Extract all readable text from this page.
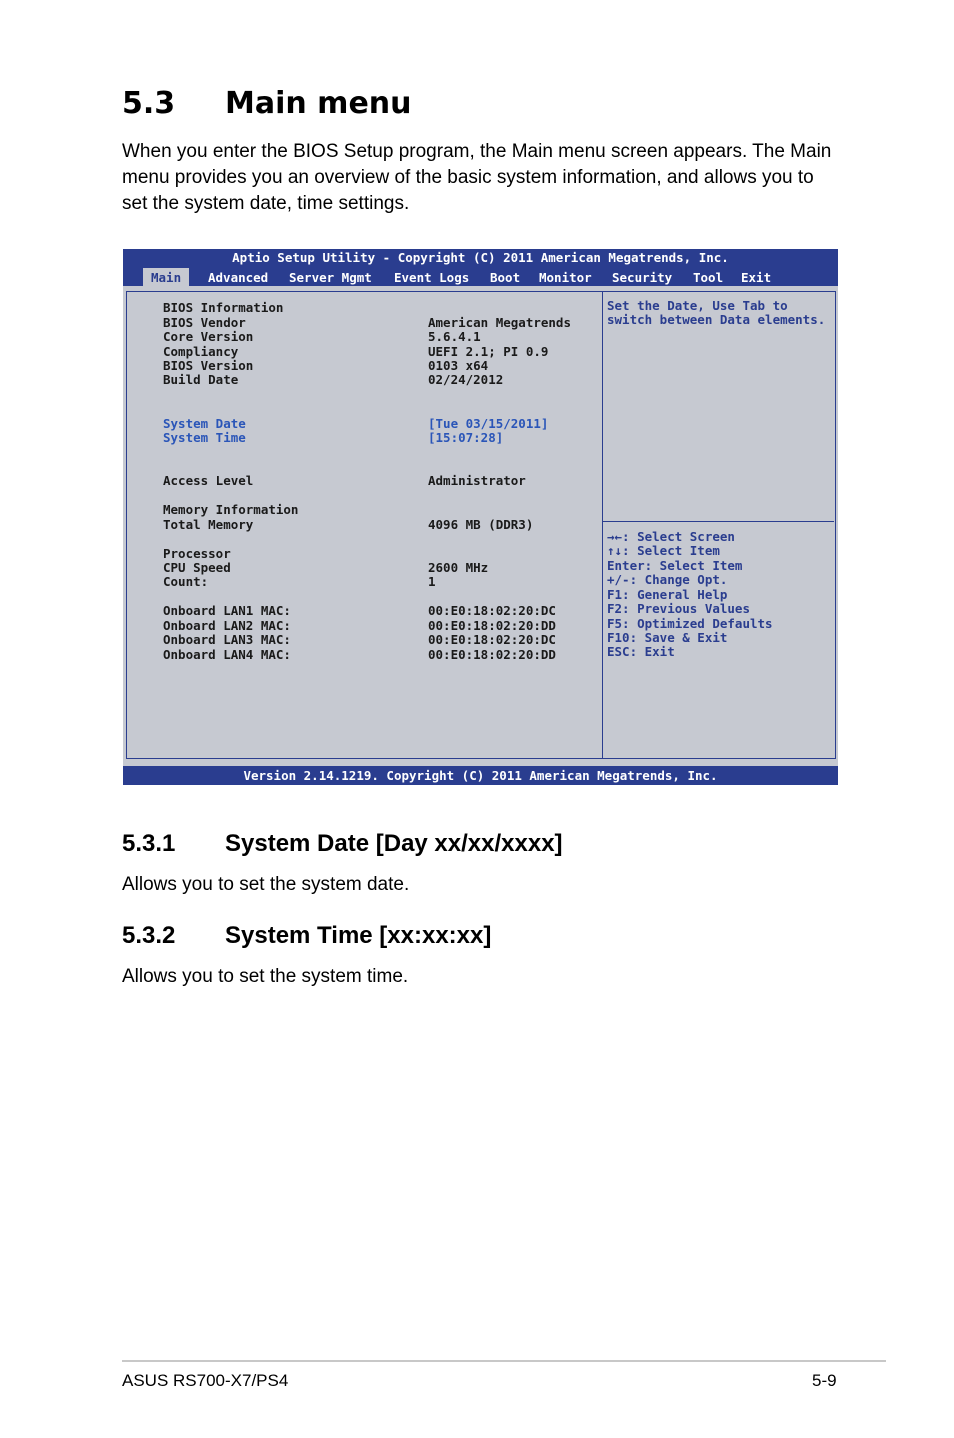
5.3 Main menu
When you enter the BIOS Setup program, the Main menu screen appears. The Main menu provides you an overview of the basic system information, and allows you to set the system date, time settings.
Aptio Setup Utility - Copyright (C) 2011 American Megatrends, Inc.
Main	Advanced Server Mgmt Event Logs Boot Monitor Security Tool Exit
BIOS Information
BIOS Vendor	American Megatrends
Core Version	5.6.4.1
Compliancy	UEFI 2.1; PI 0.9
BIOS Version	0103 x64
Build Date	02/24/2012
System Date	[Tue 03/15/2011]
System Time	[15:07:28]
Access Level	Administrator
Memory Information
Total Memory	4096 MB (DDR3)
Processor
CPU Speed	2600 MHz
Count:	1
Onboard LAN1 MAC:	00:E0:18:02:20:DC
Onboard LAN2 MAC:	00:E0:18:02:20:DD
Onboard LAN3 MAC:	00:E0:18:02:20:DC
Onboard LAN4 MAC:	00:E0:18:02:20:DD
Set the Date, Use Tab to
switch between Data elements.
→←: Select Screen
↑↓: Select Item
Enter: Select Item
+/-: Change Opt.
F1: General Help
F2: Previous Values
F5: Optimized Defaults
F10: Save & Exit
ESC: Exit
Version 2.14.1219. Copyright (C) 2011 American Megatrends, Inc.
5.3.1 System Date [Day xx/xx/xxxx]
Allows you to set the system date.
5.3.2 System Time [xx:xx:xx]
Allows you to set the system time.
ASUS RS700-X7/PS4	5-9
